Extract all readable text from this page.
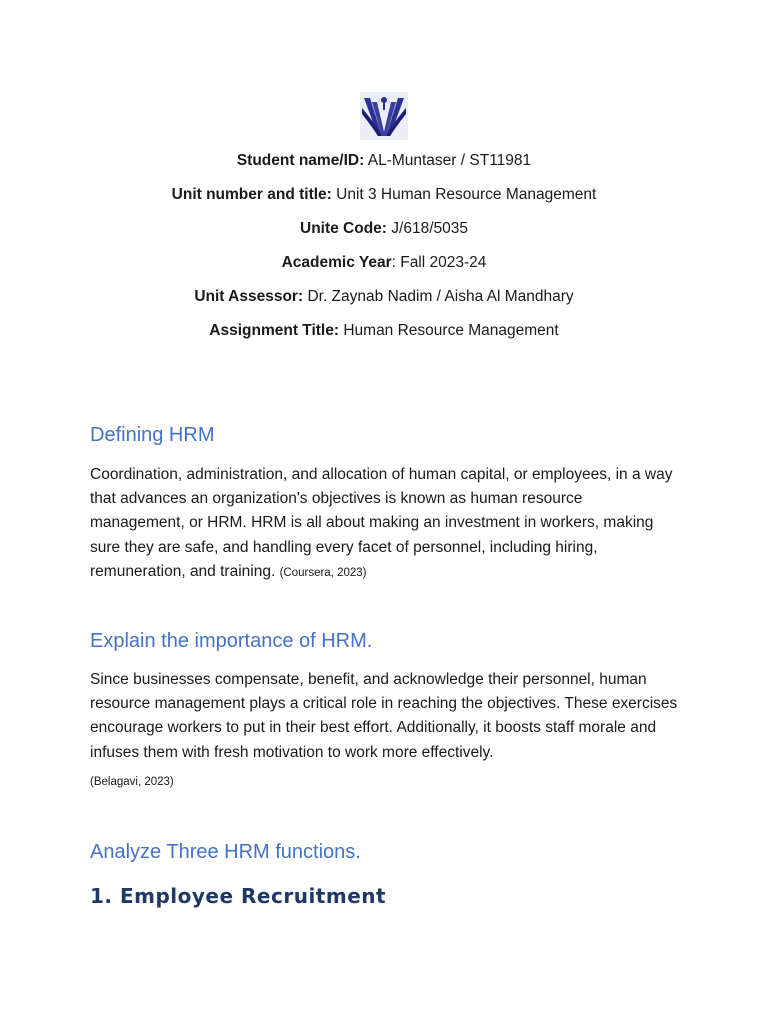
Student name/ID: AL-Muntaser / ST11981
Unit number and title: Unit 3 Human Resource Management
Unite Code: J/618/5035
Academic Year: Fall 2023-24
Unit Assessor: Dr. Zaynab Nadim / Aisha Al Mandhary
Assignment Title: Human Resource Management
Defining HRM

Coordination, administration, and allocation of human capital, or employees, in a way that advances an organization's objectives is known as human resource management, or HRM. HRM is all about making an investment in workers, making sure they are safe, and handling every facet of personnel, including hiring, remuneration, and training. (Coursera, 2023)

Explain the importance of HRM.

Since businesses compensate, benefit, and acknowledge their personnel, human resource management plays a critical role in reaching the objectives. These exercises encourage workers to put in their best effort. Additionally, it boosts staff morale and infuses them with fresh motivation to work more effectively.

(Belagavi, 2023)

Analyze Three HRM functions.
1. Employee Recruitment
